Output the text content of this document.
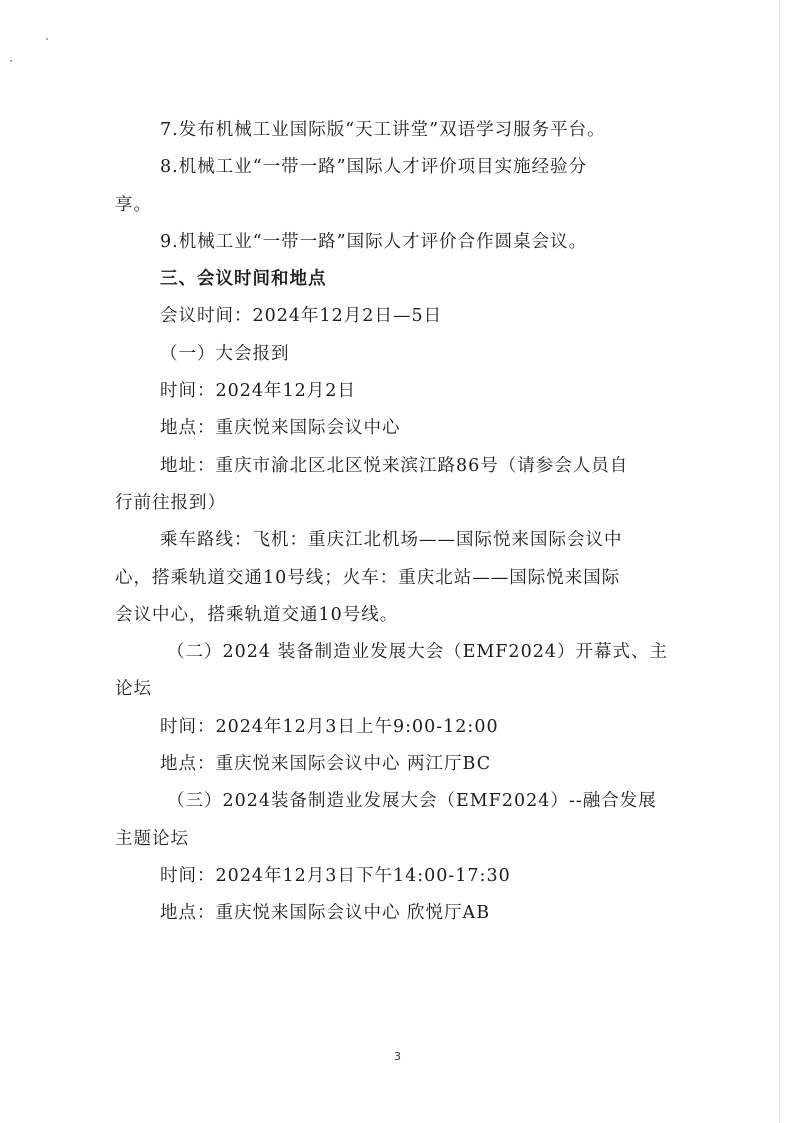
7.发布机械工业国际版“天工讲堂”双语学习服务平台。
8.机械工业“一带一路”国际人才评价项目实施经验分
享。
9.机械工业“一带一路”国际人才评价合作圆桌会议。
三、会议时间和地点
会议时间：2024年12月2日—5日
（一）大会报到
时间：2024年12月2日
地点：重庆悦来国际会议中心
地址：重庆市渝北区北区悦来滨江路86号（请参会人员自
行前往报到）
乘车路线：飞机：重庆江北机场——国际悦来国际会议中
心，搭乘轨道交通10号线；火车：重庆北站——国际悦来国际
会议中心，搭乘轨道交通10号线。
（二）2024 装备制造业发展大会（EMF2024）开幕式、主
论坛
时间：2024年12月3日上午9:00-12:00
地点：重庆悦来国际会议中心 两江厅BC
（三）2024装备制造业发展大会（EMF2024）--融合发展
主题论坛
时间：2024年12月3日下午14:00-17:30
地点：重庆悦来国际会议中心 欣悦厅AB
3
